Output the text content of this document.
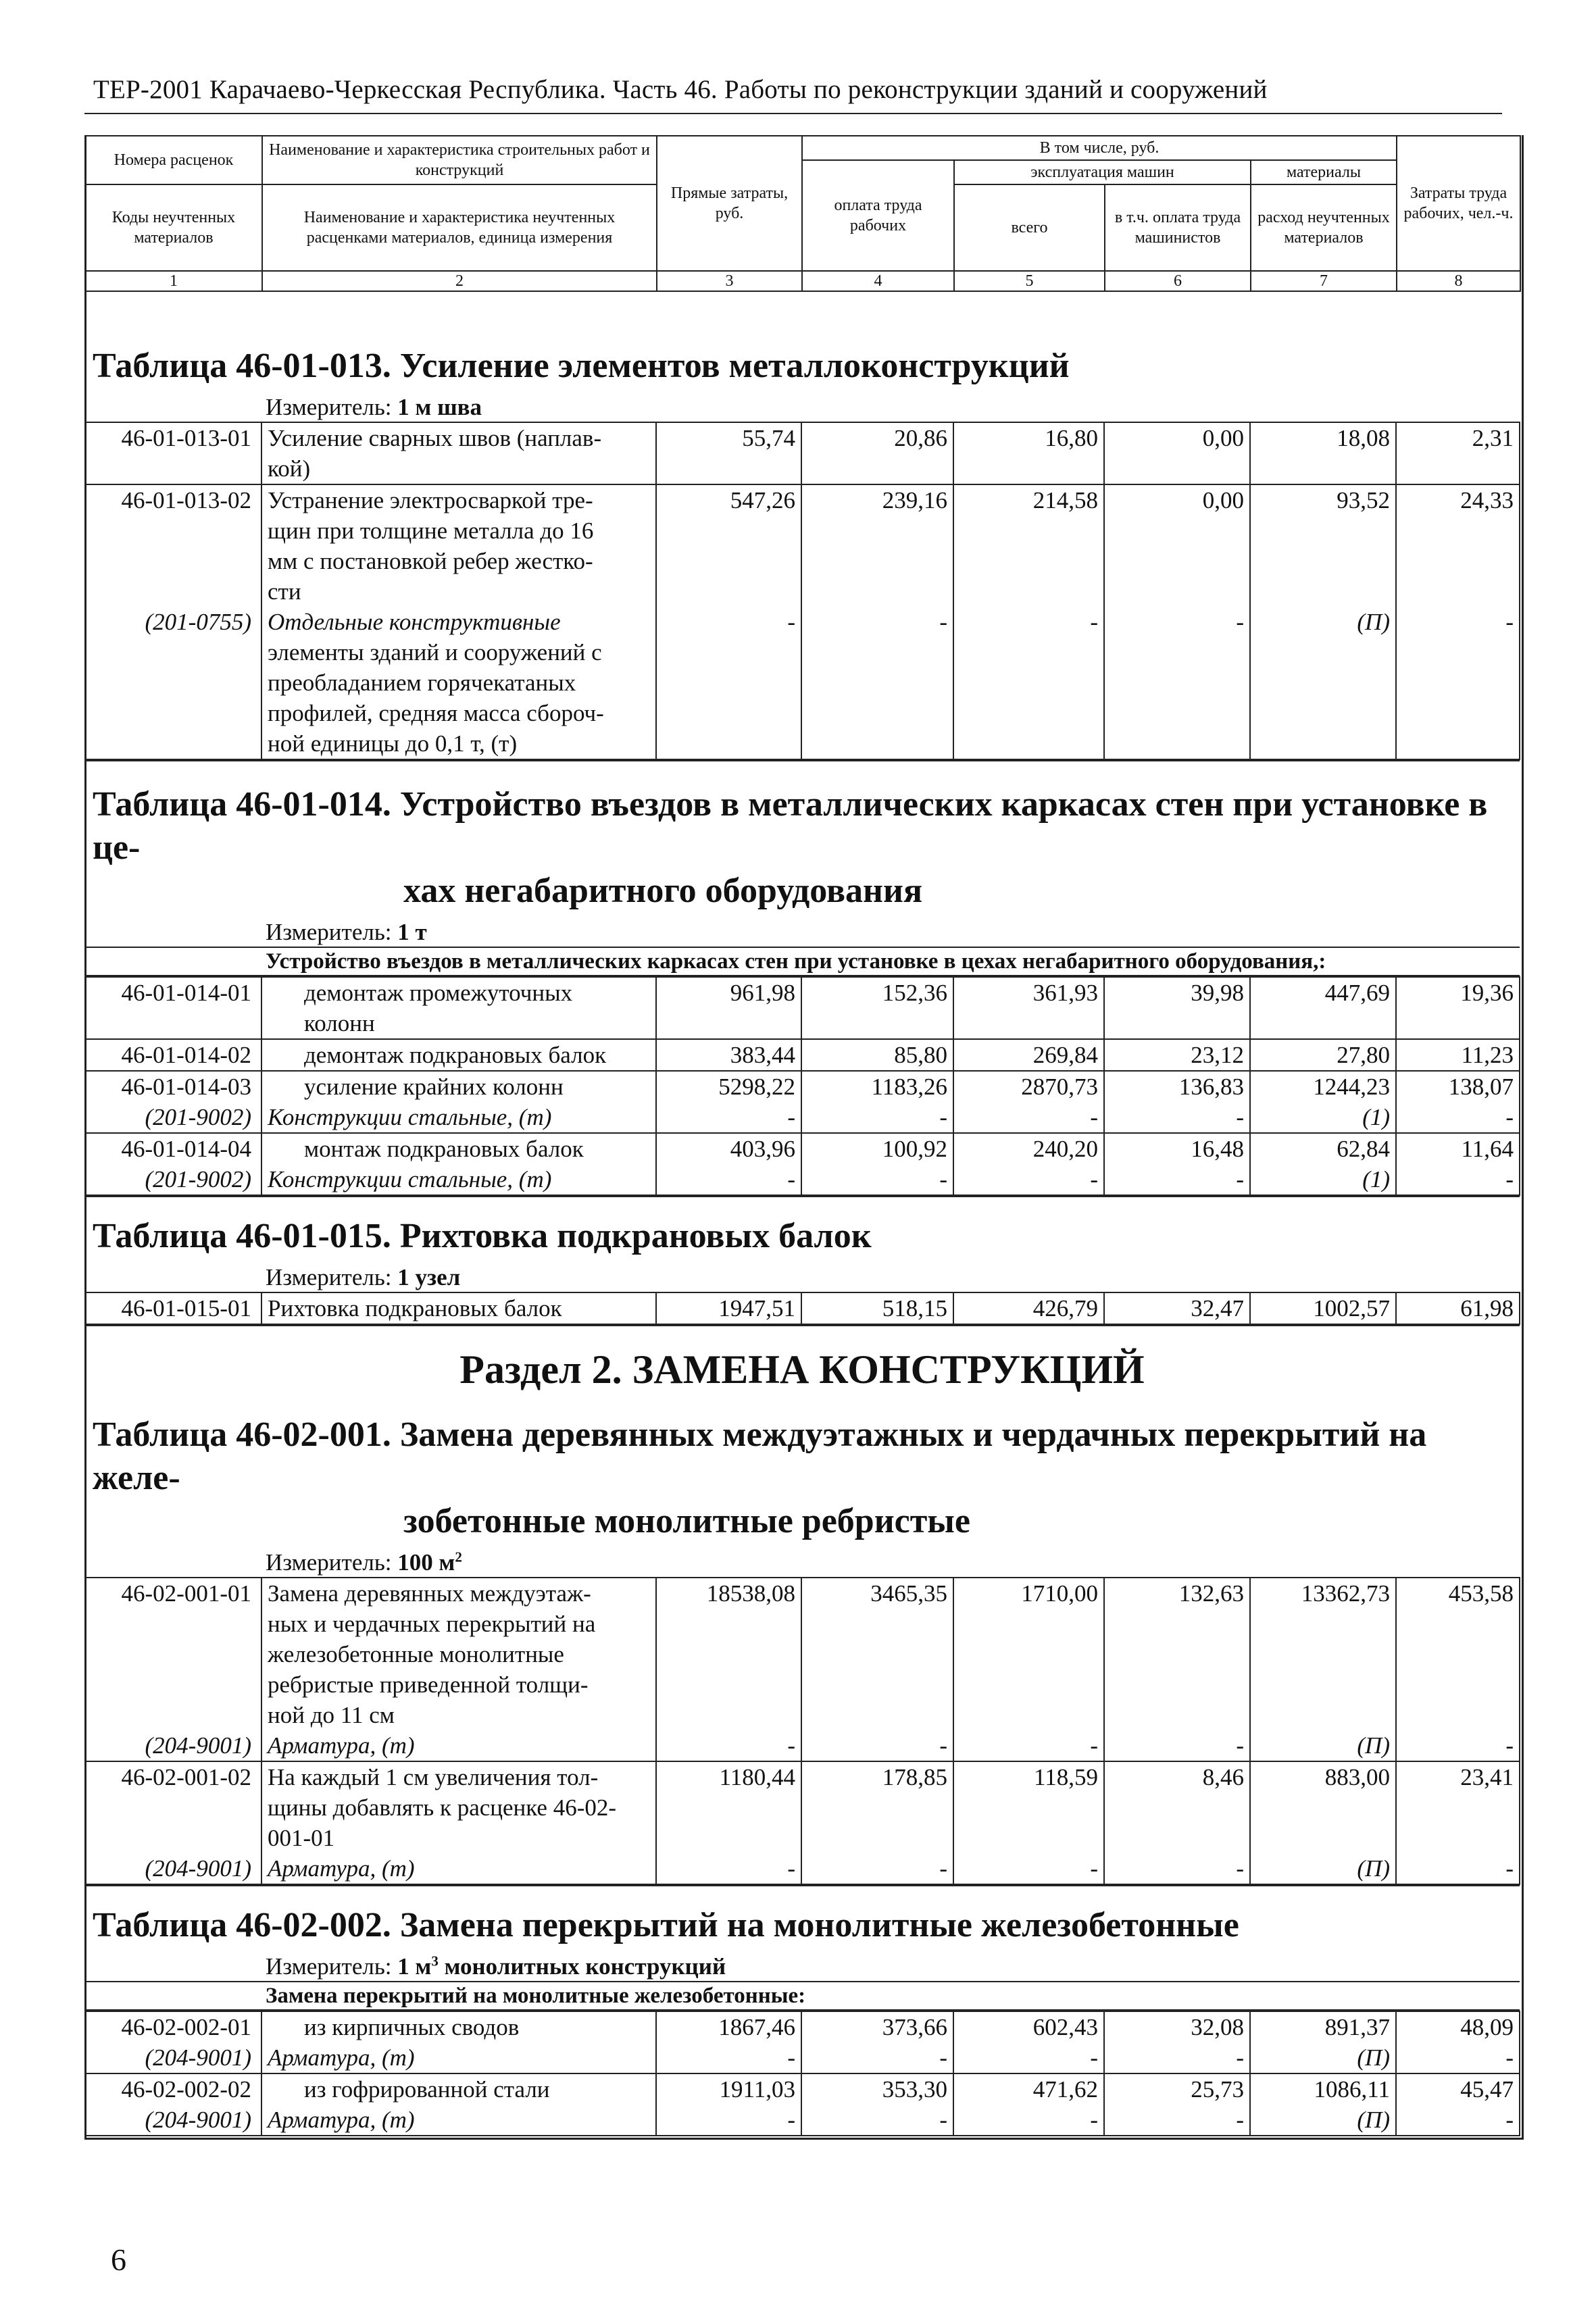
ТЕР-2001 Карачаево-Черкесская Республика. Часть 46. Работы по реконструкции зданий и сооружений
Номера расценок	Наименование и характеристика строительных работ и конструкций	Прямые затраты, руб.	В том числе, руб.				Затраты труда рабочих, чел.-ч.
			оплата труда рабочих	эксплуатация машин		материалы	
Коды неучтенных материалов	Наименование и характеристика неучтенных расценками материалов, единица измерения			всего	в т.ч. оплата труда машинистов	расход неучтенных материалов	

1	2	3	4	5	6	7	8
Таблица 46-01-013. Усиление элементов металлоконструкций
Измеритель: 1 м шва
46-01-013-01	Усиление сварных швов (наплав-	55,74	20,86	16,80	0,00	18,08	2,31
	кой)						
46-01-013-02	Устранение электросваркой тре-	547,26	239,16	214,58	0,00	93,52	24,33
	щин при толщине металла до 16						
	мм с постановкой ребер жестко-						
	сти						
(201-0755)	Отдельные конструктивные	-	-	-	-	(П)	-
	элементы зданий и сооружений с						
	преобладанием горячекатаных						
	профилей, средняя масса сбороч-						
	ной единицы до 0,1 т, (т)						
Таблица 46-01-014. Устройство въездов в металлических каркасах стен при установке в це-
хах негабаритного оборудования
Измеритель: 1 т
Устройство въездов в металлических каркасах стен при установке в цехах негабаритного оборудования,:
46-01-014-01	демонтаж промежуточных	961,98	152,36	361,93	39,98	447,69	19,36
	колонн						
46-01-014-02	демонтаж подкрановых балок	383,44	85,80	269,84	23,12	27,80	11,23
46-01-014-03	усиление крайних колонн	5298,22	1183,26	2870,73	136,83	1244,23	138,07
(201-9002)	Конструкции стальные, (т)	-	-	-	-	(1)	-
46-01-014-04	монтаж подкрановых балок	403,96	100,92	240,20	16,48	62,84	11,64
(201-9002)	Конструкции стальные, (т)	-	-	-	-	(1)	-
Таблица 46-01-015. Рихтовка подкрановых балок
Измеритель: 1 узел
46-01-015-01	Рихтовка подкрановых балок	1947,51	518,15	426,79	32,47	1002,57	61,98
Раздел 2. ЗАМЕНА КОНСТРУКЦИЙ
Таблица 46-02-001. Замена деревянных междуэтажных и чердачных перекрытий на желе-
зобетонные монолитные ребристые
Измеритель: 100 $м^2$
46-02-001-01	Замена деревянных междуэтаж-	18538,08	3465,35	1710,00	132,63	13362,73	453,58
	ных и чердачных перекрытий на						
	железобетонные монолитные						
	ребристые приведенной толщи-						
	ной до 11 см						
(204-9001)	Арматура, (т)	-	-	-	-	(П)	-
46-02-001-02	На каждый 1 см увеличения тол-	1180,44	178,85	118,59	8,46	883,00	23,41
	щины добавлять к расценке 46-02-						
	001-01						
(204-9001)	Арматура, (т)	-	-	-	-	(П)	-
Таблица 46-02-002. Замена перекрытий на монолитные железобетонные
Измеритель: 1 $м^3$ монолитных конструкций
Замена перекрытий на монолитные железобетонные:
46-02-002-01	из кирпичных сводов	1867,46	373,66	602,43	32,08	891,37	48,09
(204-9001)	Арматура, (т)	-	-	-	-	(П)	-
46-02-002-02	из гофрированной стали	1911,03	353,30	471,62	25,73	1086,11	45,47
(204-9001)	Арматура, (т)	-	-	-	-	(П)	-
6
